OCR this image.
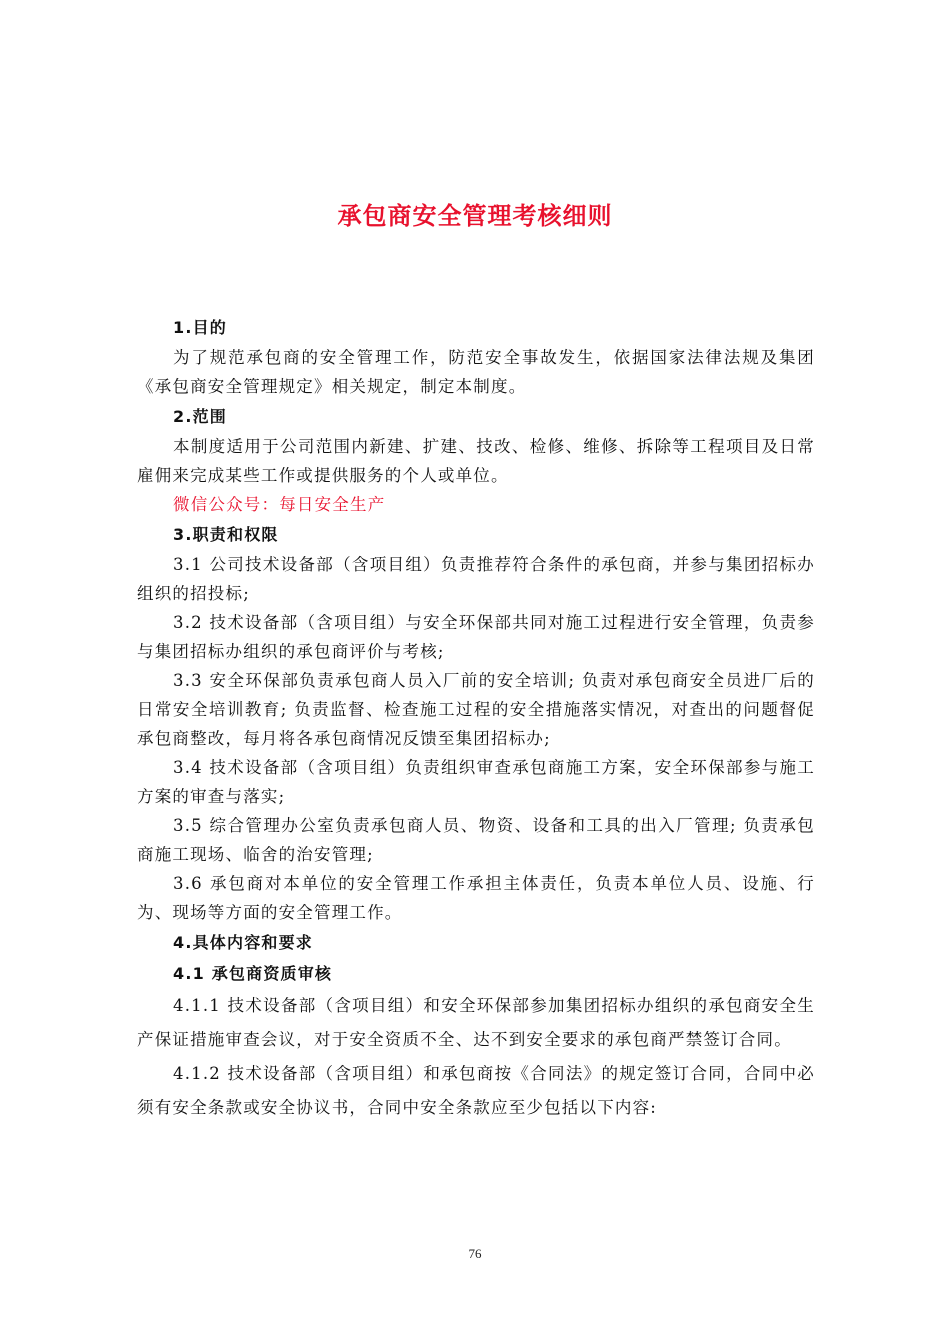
承包商安全管理考核细则

1.目的

为了规范承包商的安全管理工作，防范安全事故发生，依据国家法律法规及集团《承包商安全管理规定》相关规定，制定本制度。

2.范围

本制度适用于公司范围内新建、扩建、技改、检修、维修、拆除等工程项目及日常雇佣来完成某些工作或提供服务的个人或单位。

微信公众号：每日安全生产

3.职责和权限

3.1 公司技术设备部（含项目组）负责推荐符合条件的承包商，并参与集团招标办组织的招投标;

3.2 技术设备部（含项目组）与安全环保部共同对施工过程进行安全管理，负责参与集团招标办组织的承包商评价与考核;

3.3 安全环保部负责承包商人员入厂前的安全培训; 负责对承包商安全员进厂后的日常安全培训教育; 负责监督、检查施工过程的安全措施落实情况，对查出的问题督促承包商整改，每月将各承包商情况反馈至集团招标办;

3.4 技术设备部（含项目组）负责组织审查承包商施工方案，安全环保部参与施工方案的审查与落实;

3.5 综合管理办公室负责承包商人员、物资、设备和工具的出入厂管理; 负责承包商施工现场、临舍的治安管理;

3.6 承包商对本单位的安全管理工作承担主体责任，负责本单位人员、设施、行为、现场等方面的安全管理工作。

4.具体内容和要求

4.1 承包商资质审核

4.1.1 技术设备部（含项目组）和安全环保部参加集团招标办组织的承包商安全生产保证措施审查会议，对于安全资质不全、达不到安全要求的承包商严禁签订合同。

4.1.2 技术设备部（含项目组）和承包商按《合同法》的规定签订合同，合同中必须有安全条款或安全协议书，合同中安全条款应至少包括以下内容:

76
